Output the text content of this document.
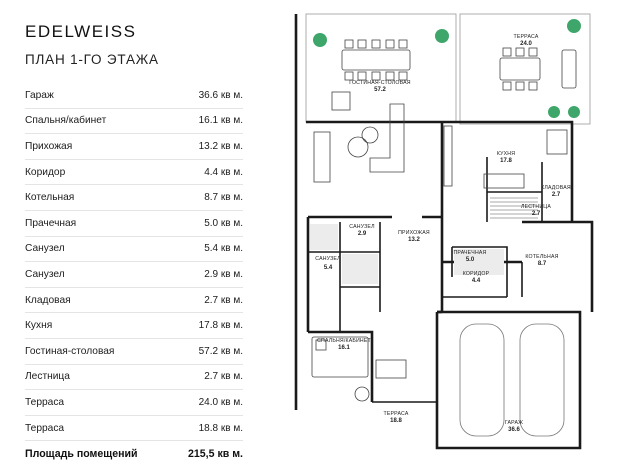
EDELWEISS
ПЛАН 1-ГО ЭТАЖА
Гараж	36.6 кв м.
Спальня/кабинет	16.1 кв м.
Прихожая	13.2 кв м.
Коридор	4.4 кв м.
Котельная	8.7 кв м.
Прачечная	5.0 кв м.
Санузел	5.4 кв м.
Санузел	2.9 кв м.
Кладовая	2.7 кв м.
Кухня	17.8 кв м.
Гостиная-столовая	57.2 кв м.
Лестница	2.7 кв м.
Терраса	24.0 кв м.
Терраса	18.8 кв м.
Площадь помещений	215,5 кв м.
ГОСТИНАЯ-СТОЛОВАЯ
57.2
ТЕРРАСА
24.0
КУХНЯ
17.8
КЛАДОВАЯ
2.7
ЛЕСТНИЦА
2.7
САНУЗЕЛ
2.9
САНУЗЕЛ
5.4
ПРИХОЖАЯ
13.2
ПРАЧЕЧНАЯ
5.0	КОТЕЛЬНАЯ
8.7
КОРИДОР
4.4
СПАЛЬНЯ/КАБИНЕТ
16.1
ГАРАЖ
36.6
ТЕРРАСА
18.8
